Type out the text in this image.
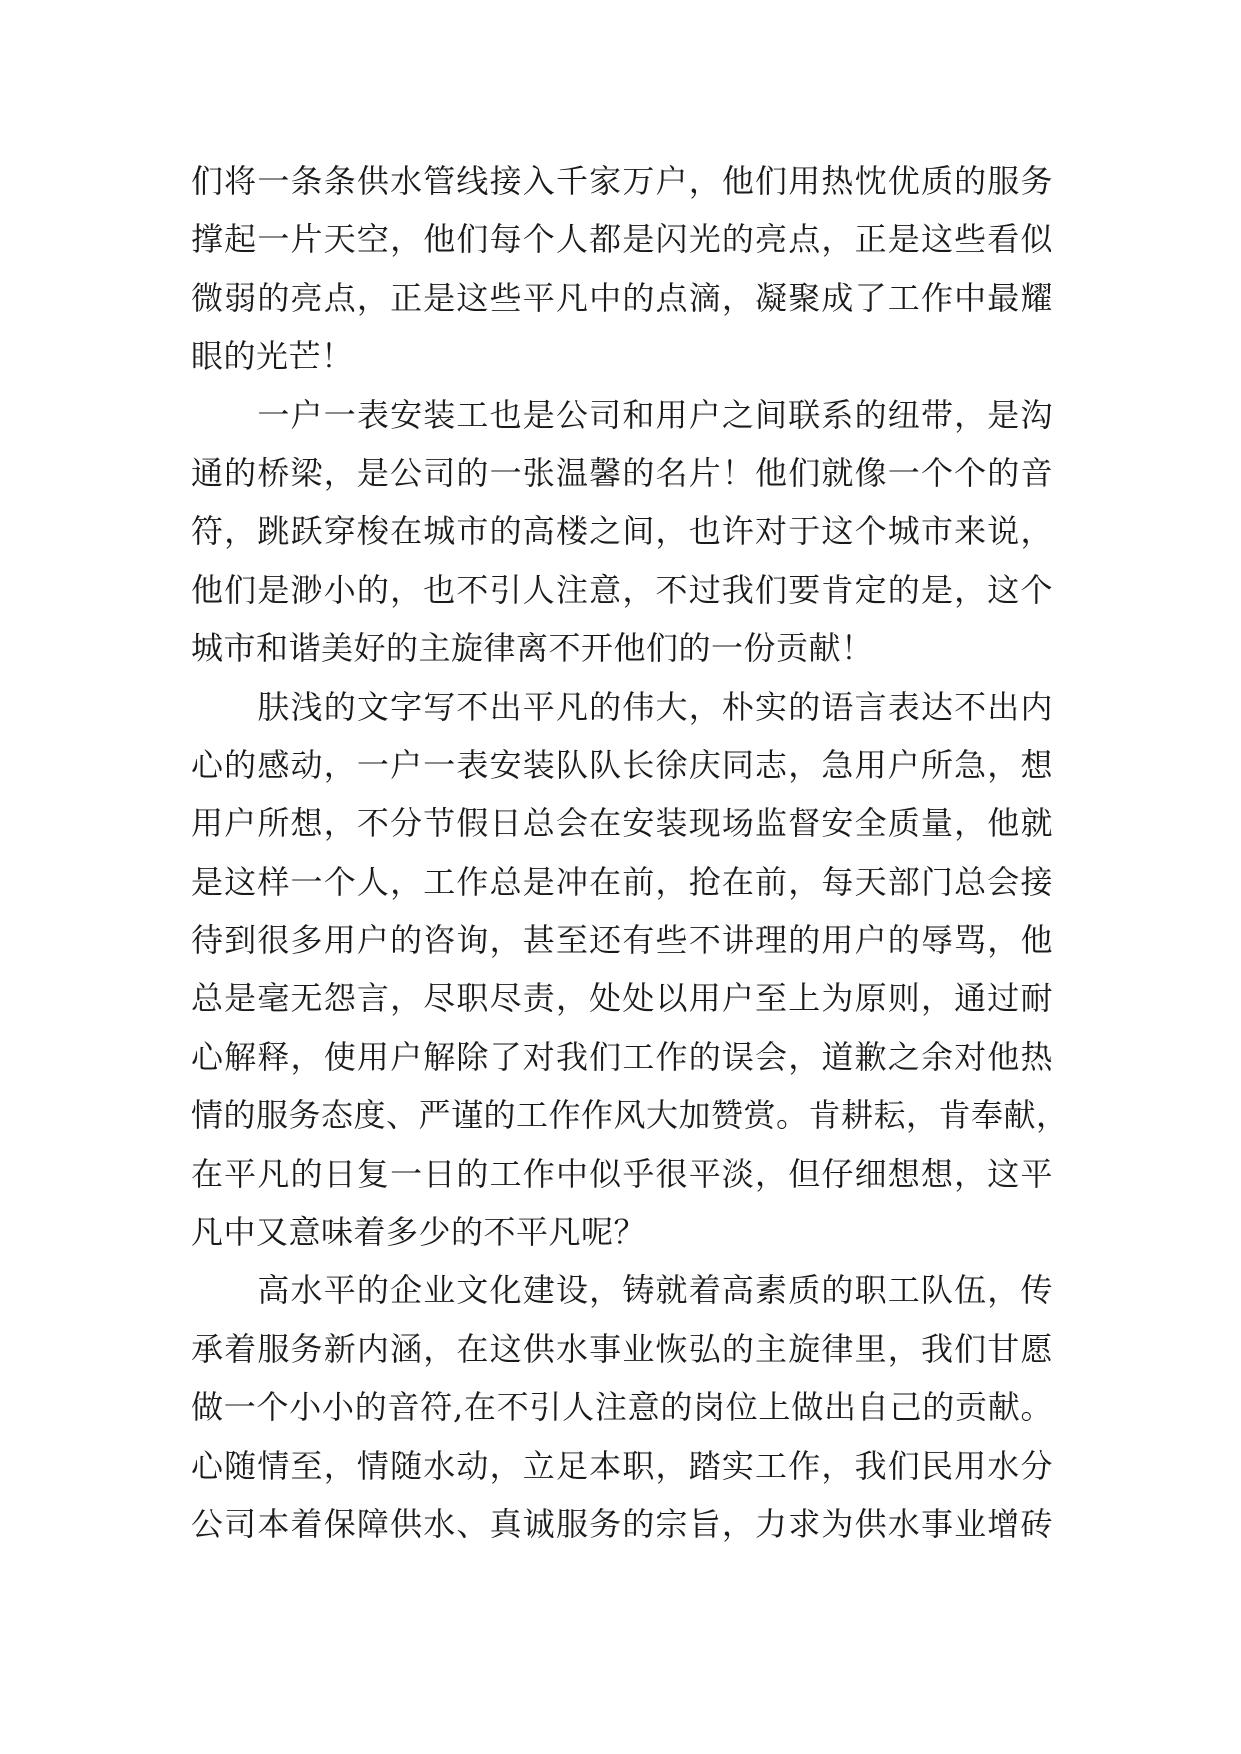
们将一条条供水管线接入千家万户，他们用热忱优质的服务
撑起一片天空，他们每个人都是闪光的亮点，正是这些看似
微弱的亮点，正是这些平凡中的点滴，凝聚成了工作中最耀
眼的光芒！
　　一户一表安装工也是公司和用户之间联系的纽带，是沟
通的桥梁，是公司的一张温馨的名片！他们就像一个个的音
符，跳跃穿梭在城市的高楼之间，也许对于这个城市来说，
他们是渺小的，也不引人注意，不过我们要肯定的是，这个
城市和谐美好的主旋律离不开他们的一份贡献！
　　肤浅的文字写不出平凡的伟大，朴实的语言表达不出内
心的感动，一户一表安装队队长徐庆同志，急用户所急，想
用户所想，不分节假日总会在安装现场监督安全质量，他就
是这样一个人，工作总是冲在前，抢在前，每天部门总会接
待到很多用户的咨询，甚至还有些不讲理的用户的辱骂，他
总是毫无怨言，尽职尽责，处处以用户至上为原则，通过耐
心解释，使用户解除了对我们工作的误会，道歉之余对他热
情的服务态度、严谨的工作作风大加赞赏。肯耕耘，肯奉献，
在平凡的日复一日的工作中似乎很平淡，但仔细想想，这平
凡中又意味着多少的不平凡呢？
　　高水平的企业文化建设，铸就着高素质的职工队伍，传
承着服务新内涵，在这供水事业恢弘的主旋律里，我们甘愿
做一个小小的音符,在不引人注意的岗位上做出自己的贡献。
心随情至，情随水动，立足本职，踏实工作，我们民用水分
公司本着保障供水、真诚服务的宗旨，力求为供水事业增砖
